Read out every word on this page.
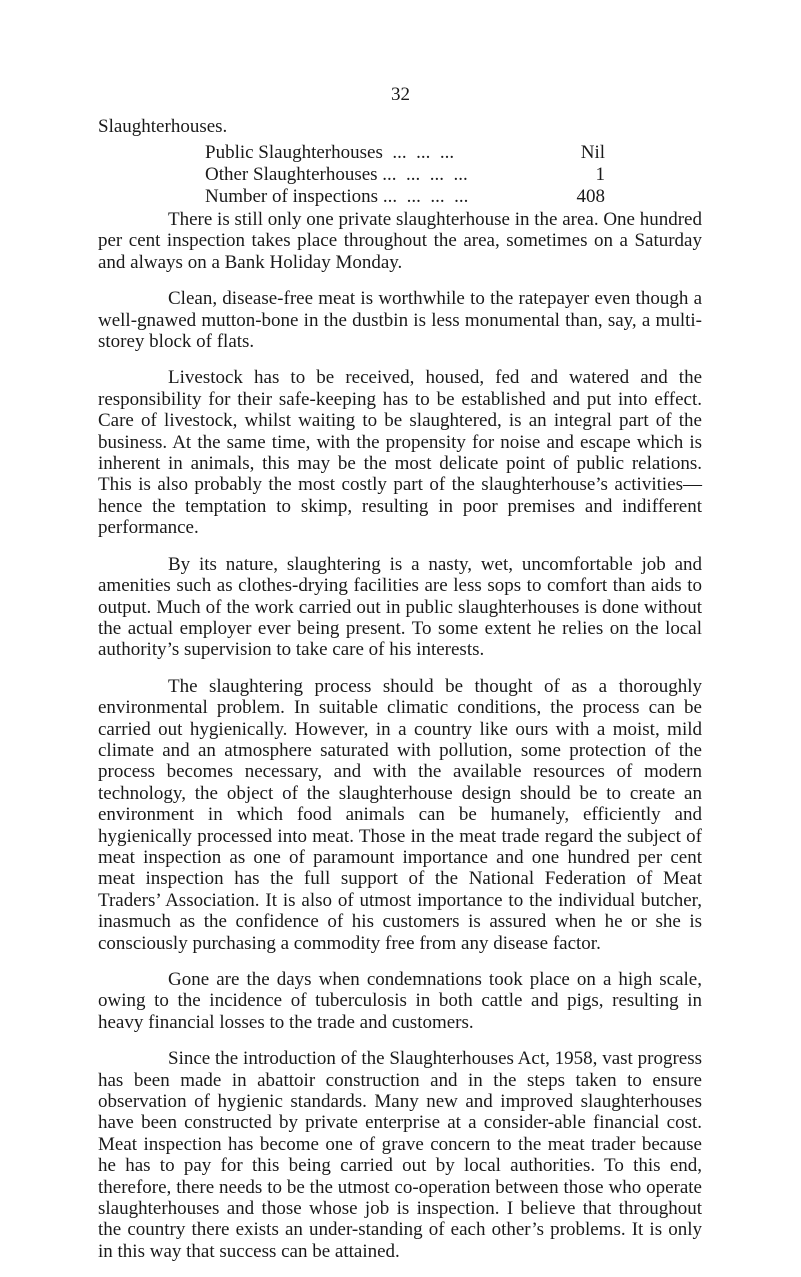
32
Slaughterhouses.
Public Slaughterhouses  ...  ...  ...	Nil
Other Slaughterhouses ...  ...  ...  ...	1
Number of inspections ...  ...  ...  ...	408

There is still only one private slaughterhouse in the area. One hundred per cent inspection takes place throughout the area, sometimes on a Saturday and always on a Bank Holiday Monday.

Clean, disease-free meat is worthwhile to the ratepayer even though a well-gnawed mutton-bone in the dustbin is less monumental than, say, a multi-storey block of flats.

Livestock has to be received, housed, fed and watered and the responsibility for their safe-keeping has to be established and put into effect. Care of livestock, whilst waiting to be slaughtered, is an integral part of the business. At the same time, with the propensity for noise and escape which is inherent in animals, this may be the most delicate point of public relations. This is also probably the most costly part of the slaughterhouse’s activities—hence the temptation to skimp, resulting in poor premises and indifferent performance.

By its nature, slaughtering is a nasty, wet, uncomfortable job and amenities such as clothes-drying facilities are less sops to comfort than aids to output. Much of the work carried out in public slaughterhouses is done without the actual employer ever being present. To some extent he relies on the local authority’s supervision to take care of his interests.

The slaughtering process should be thought of as a thoroughly environmental problem. In suitable climatic conditions, the process can be carried out hygienically. However, in a country like ours with a moist, mild climate and an atmosphere saturated with pollution, some protection of the process becomes necessary, and with the available resources of modern technology, the object of the slaughterhouse design should be to create an environment in which food animals can be humanely, efficiently and hygienically processed into meat. Those in the meat trade regard the subject of meat inspection as one of paramount importance and one hundred per cent meat inspection has the full support of the National Federation of Meat Traders’ Association. It is also of utmost importance to the individual butcher, inasmuch as the confidence of his customers is assured when he or she is consciously purchasing a commodity free from any disease factor.

Gone are the days when condemnations took place on a high scale, owing to the incidence of tuberculosis in both cattle and pigs, resulting in heavy financial losses to the trade and customers.

Since the introduction of the Slaughterhouses Act, 1958, vast progress has been made in abattoir construction and in the steps taken to ensure observation of hygienic standards. Many new and improved slaughterhouses have been constructed by private enterprise at a consider-able financial cost. Meat inspection has become one of grave concern to the meat trader because he has to pay for this being carried out by local authorities. To this end, therefore, there needs to be the utmost co-operation between those who operate slaughterhouses and those whose job is inspection. I believe that throughout the country there exists an under-standing of each other’s problems. It is only in this way that success can be attained.
